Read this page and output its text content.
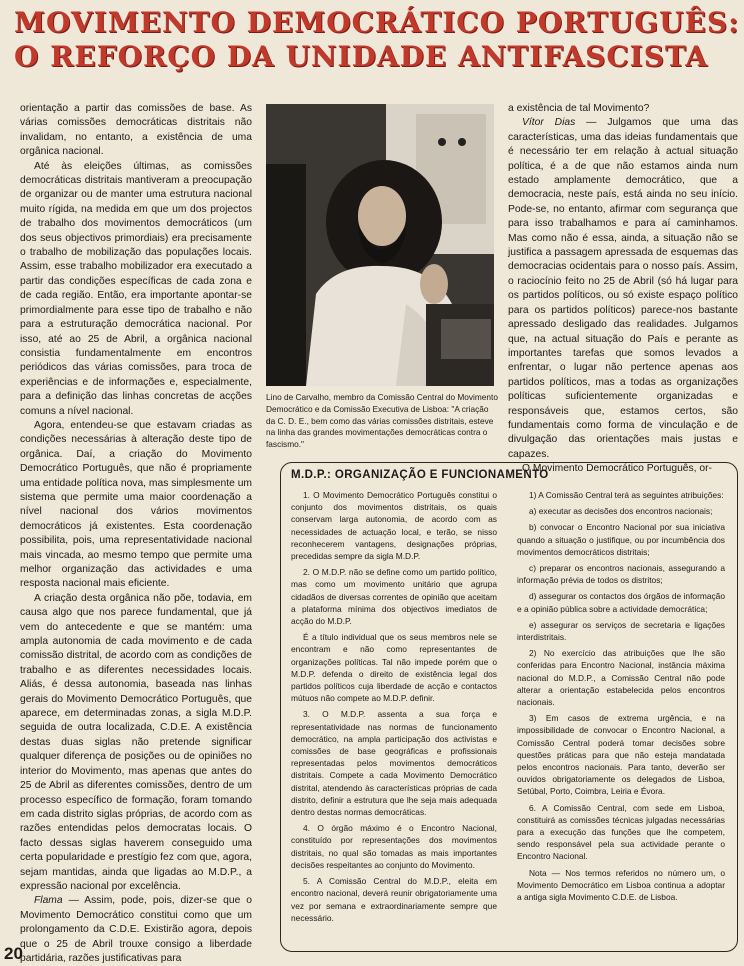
MOVIMENTO DEMOCRÁTICO PORTUGUÊS:
O REFORÇO DA UNIDADE ANTIFASCISTA

orientação a partir das comissões de base. As várias comissões democráticas distritais não invalidam, no entanto, a existência de uma orgânica nacional.

Até às eleições últimas, as comissões democráticas distritais mantiveram a preocupação de organizar ou de manter uma estrutura nacional muito rígida, na medida em que um dos projectos de trabalho dos movimentos democráticos (um dos seus objectivos primordiais) era precisamente o trabalho de mobilização das populações locais. Assim, esse trabalho mobilizador era executado a partir das condições específicas de cada zona e de cada região. Então, era importante apontar-se primordialmente para esse tipo de trabalho e não para a estruturação democrática nacional. Por isso, até ao 25 de Abril, a orgânica nacional consistia fundamentalmente em encontros periódicos das várias comissões, para troca de experiências e de informações e, especialmente, para a definição das linhas concretas de acções comuns a nível nacional.

Agora, entendeu-se que estavam criadas as condições necessárias à alteração deste tipo de orgânica. Daí, a criação do Movimento Democrático Português, que não é propriamente uma entidade política nova, mas simplesmente um sistema que permite uma maior coordenação a nível nacional dos vários movimentos democráticos já existentes. Esta coordenação possibilita, pois, uma representatividade nacional mais vincada, ao mesmo tempo que permite uma melhor organização das actividades e uma resposta nacional mais eficiente.

A criação desta orgânica não põe, todavia, em causa algo que nos parece fundamental, que já vem do antecedente e que se mantém: uma ampla autonomia de cada movimento e de cada comissão distrital, de acordo com as condições de trabalho e as diferentes necessidades locais. Aliás, é dessa autonomia, baseada nas linhas gerais do Movimento Democrático Português, que aparece, em determinadas zonas, a sigla M.D.P. seguida de outra localizada, C.D.E. A existência destas duas siglas não pretende significar qualquer diferença de posições ou de opiniões no interior do Movimento, mas apenas que antes do 25 de Abril as diferentes comissões, dentro de um processo específico de formação, foram tomando em cada distrito siglas próprias, de acordo com as razões entendidas pelos democratas locais. O facto dessas siglas haverem conseguido uma certa popularidade e prestígio fez com que, agora, sejam mantidas, ainda que ligadas ao M.D.P., a expressão nacional por excelência.

Flama — Assim, pode, pois, dizer-se que o Movimento Democrático constitui como que um prolongamento da C.D.E. Existirão agora, depois que o 25 de Abril trouxe consigo a liberdade partidária, razões justificativas para

Lino de Carvalho, membro da Comissão Central do Movimento Democrático e da Comissão Executiva de Lisboa: "A criação da C. D. E., bem como das várias comissões distritais, esteve na linha das grandes movimentações democráticas contra o fascismo."

a existência de tal Movimento?

Vítor Dias — Julgamos que uma das características, uma das ideias fundamentais que é necessário ter em relação à actual situação política, é a de que não estamos ainda num estado amplamente democrático, que a democracia, neste país, está ainda no seu início. Pode-se, no entanto, afirmar com segurança que para isso trabalhamos e para aí caminhamos. Mas como não é essa, ainda, a situação não se justifica a passagem apressada de esquemas das democracias ocidentais para o nosso país. Assim, o raciocínio feito no 25 de Abril (só há lugar para os partidos políticos, ou só existe espaço político para os partidos políticos) parece-nos bastante apressado desligado das realidades. Julgamos que, na actual situação do País e perante as importantes tarefas que somos levados a enfrentar, o lugar não pertence apenas aos partidos políticos, mas a todas as organizações políticas suficientemente organizadas e responsáveis que, estamos certos, são fundamentais como forma de vinculação e de divulgação das orientações mais justas e capazes.

O Movimento Democrático Português, or-

M.D.P.: ORGANIZAÇÃO E FUNCIONAMENTO

1. O Movimento Democrático Português constitui o conjunto dos movimentos distritais, os quais conservam larga autonomia, de acordo com as necessidades de actuação local, e terão, se nisso reconhecerem vantagens, designações próprias, precedidas sempre da sigla M.D.P.

2. O M.D.P. não se define como um partido político, mas como um movimento unitário que agrupa cidadãos de diversas correntes de opinião que aceitam a plataforma mínima dos objectivos imediatos de acção do M.D.P.

É a título individual que os seus membros nele se encontram e não como representantes de organizações políticas. Tal não impede porém que o M.D.P. defenda o direito de existência legal dos partidos políticos cuja liberdade de acção e contactos mútuos não compete ao M.D.P. definir.

3. O M.D.P. assenta a sua força e representatividade nas normas de funcionamento democrático, na ampla participação dos activistas e comissões de base geográficas e profissionais representadas pelos movimentos democráticos distritais. Compete a cada Movimento Democrático distrital, atendendo às características próprias de cada distrito, definir a estrutura que lhe seja mais adequada dentro destas normas democráticas.

4. O órgão máximo é o Encontro Nacional, constituído por representações dos movimentos distritais, no qual são tomadas as mais importantes decisões respeitantes ao conjunto do Movimento.

5. A Comissão Central do M.D.P., eleita em encontro nacional, deverá reunir obrigatoriamente uma vez por semana e extraordinariamente sempre que necessário.

1) A Comissão Central terá as seguintes atribuições:

a) executar as decisões dos encontros nacionais;

b) convocar o Encontro Nacional por sua iniciativa quando a situação o justifique, ou por incumbência dos movimentos democráticos distritais;

c) preparar os encontros nacionais, assegurando a informação prévia de todos os distritos;

d) assegurar os contactos dos órgãos de informação e a opinião pública sobre a actividade democrática;

e) assegurar os serviços de secretaria e ligações interdistritais.

2) No exercício das atribuições que lhe são conferidas para Encontro Nacional, instância máxima nacional do M.D.P., a Comissão Central não pode alterar a orientação estabelecida pelos encontros nacionais.

3) Em casos de extrema urgência, e na impossibilidade de convocar o Encontro Nacional, a Comissão Central poderá tomar decisões sobre questões práticas para que não esteja mandatada pelos encontros nacionais. Para tanto, deverão ser ouvidos obrigatoriamente os delegados de Lisboa, Setúbal, Porto, Coimbra, Leiria e Évora.

6. A Comissão Central, com sede em Lisboa, constituirá as comissões técnicas julgadas necessárias para a execução das funções que lhe competem, sendo responsável pela sua actividade perante o Encontro Nacional.

Nota — Nos termos referidos no número um, o Movimento Democrático em Lisboa continua a adoptar a antiga sigla Movimento C.D.E. de Lisboa.

20
